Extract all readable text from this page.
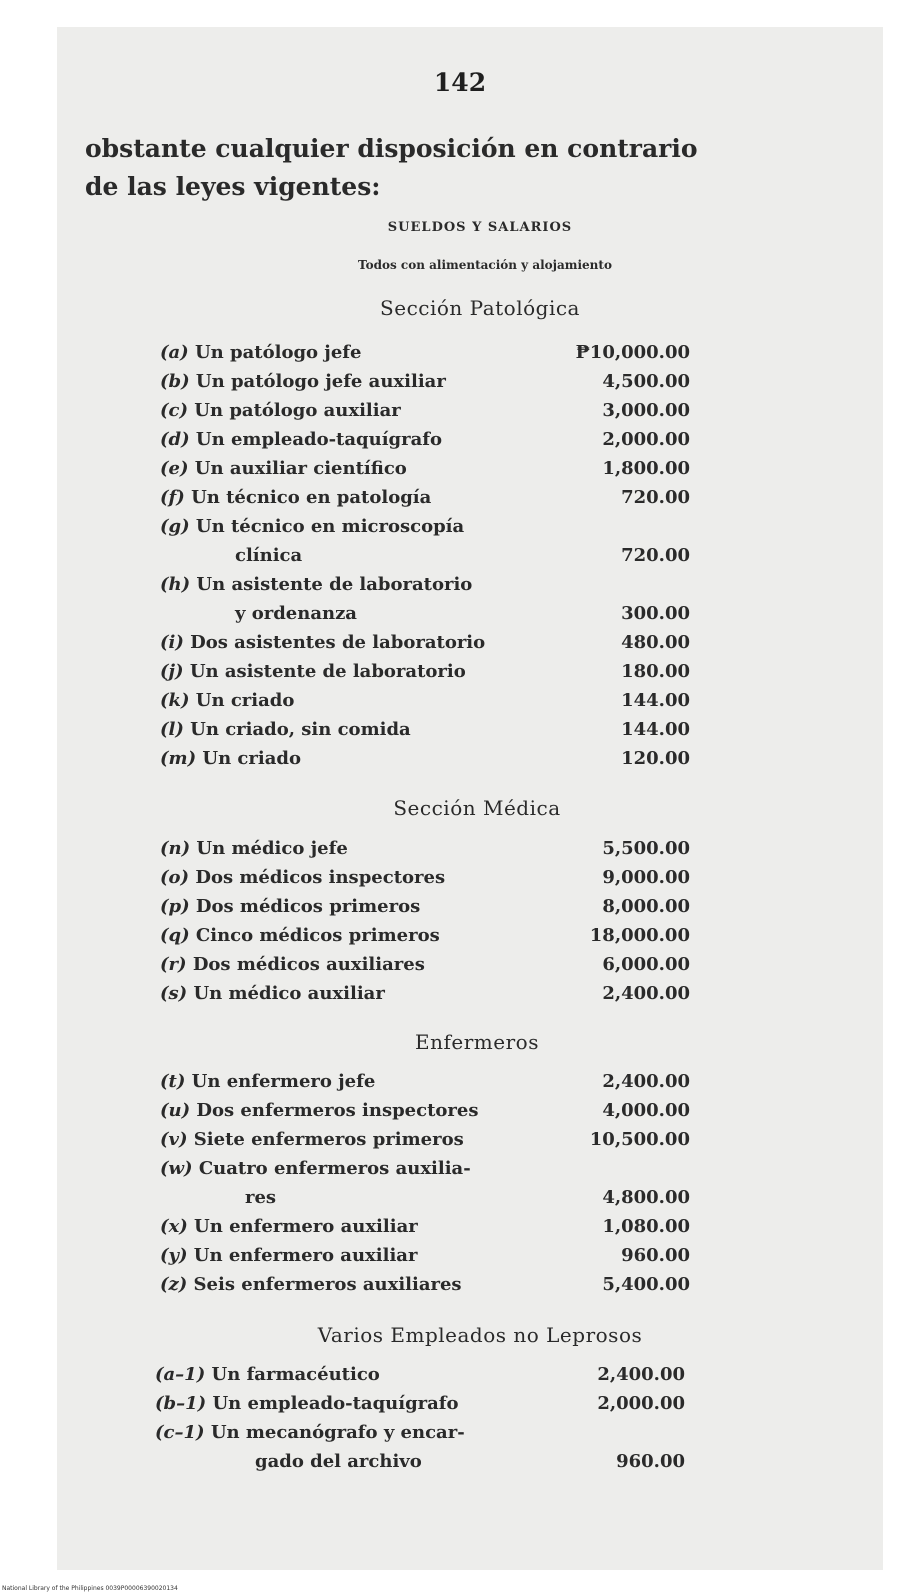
142
obstante cualquier disposición en contrario
de las leyes vigentes:
SUELDOS Y SALARIOS
Todos con alimentación y alojamiento
Sección Patológica
Sección Médica
Enfermeros
Varios Empleados no Leprosos
(a) Un patólogo jefe	₱10,000.00
(b) Un patólogo jefe auxiliar	4,500.00
(c) Un patólogo auxiliar	3,000.00
(d) Un empleado-taquígrafo	2,000.00
(e) Un auxiliar científico	1,800.00
(f) Un técnico en patología	720.00
(g) Un técnico en microscopía
clínica	720.00
(h) Un asistente de laboratorio
y ordenanza	300.00
(i) Dos asistentes de laboratorio	480.00
(j) Un asistente de laboratorio	180.00
(k) Un criado	144.00
(l) Un criado, sin comida	144.00
(m) Un criado	120.00
(n) Un médico jefe	5,500.00
(o) Dos médicos inspectores	9,000.00
(p) Dos médicos primeros	8,000.00
(q) Cinco médicos primeros	18,000.00
(r) Dos médicos auxiliares	6,000.00
(s) Un médico auxiliar	2,400.00
(t) Un enfermero jefe	2,400.00
(u) Dos enfermeros inspectores	4,000.00
(v) Siete enfermeros primeros	10,500.00
(w) Cuatro enfermeros auxilia-
res	4,800.00
(x) Un enfermero auxiliar	1,080.00
(y) Un enfermero auxiliar	960.00
(z) Seis enfermeros auxiliares	5,400.00
(a–1) Un farmacéutico	2,400.00
(b–1) Un empleado-taquígrafo	2,000.00
(c–1) Un mecanógrafo y encar-
gado del archivo	960.00
National Library of the Philippines 0039P00006390020134
